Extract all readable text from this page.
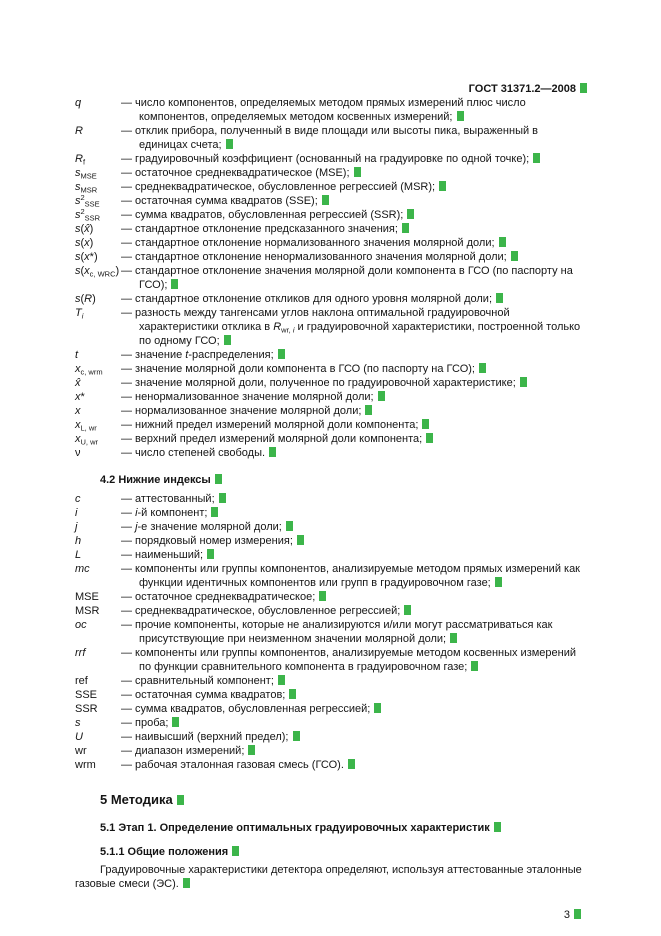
ГОСТ 31371.2—2008
q	— число компонентов, определяемых методом прямых измерений плюс число компонентов, определяемых методом косвенных измерений;
R	— отклик прибора, полученный в виде площади или высоты пика, выраженный в единицах счета;
$R_f$	— градуировочный коэффициент (основанный на градуировке по одной точке);
$s_{MSE}$	— остаточное среднеквадратическое (MSE);
$s_{MSR}$	— среднеквадратическое, обусловленное регрессией (MSR);
$s^2_{SSE}$	— остаточная сумма квадратов (SSE);
$s^2_{SSR}$	— сумма квадратов, обусловленная регрессией (SSR);
s(x̂)	— стандартное отклонение предсказанного значения;
s(x)	— стандартное отклонение нормализованного значения молярной доли;
s(x*)	— стандартное отклонение ненормализованного значения молярной доли;
$s(x_{c, WRC})$ — стандартное отклонение значения молярной доли компонента в ГСО (по паспорту на ГСО);
s(R)	— стандартное отклонение откликов для одного уровня молярной доли;
$T_i$	— разность между тангенсами углов наклона оптимальной градуировочной характеристики отклика в $R_{wr, i}$ и градуировочной характеристики, построенной только по одному ГСО;
t	— значение t-распределения;
$x_{c, wrm}$	— значение молярной доли компонента в ГСО (по паспорту на ГСО);
x̂	— значение молярной доли, полученное по градуировочной характеристике;
x*	— ненормализованное значение молярной доли;
x	— нормализованное значение молярной доли;
$x_{L, wr}$	— нижний предел измерений молярной доли компонента;
$x_{U, wr}$	— верхний предел измерений молярной доли компонента;
ν	— число степеней свободы.
4.2 Нижние индексы
c	— аттестованный;
i	— i-й компонент;
j	— j-е значение молярной доли;
h	— порядковый номер измерения;
L	— наименьший;
mc	— компоненты или группы компонентов, анализируемые методом прямых измерений как функции идентичных компонентов или групп в градуировочном газе;
MSE	— остаточное среднеквадратическое;
MSR	— среднеквадратическое, обусловленное регрессией;
oc	— прочие компоненты, которые не анализируются и/или могут рассматриваться как присутствующие при неизменном значении молярной доли;
rrf	— компоненты или группы компонентов, анализируемые методом косвенных измерений по функции сравнительного компонента в градуировочном газе;
ref	— сравнительный компонент;
SSE	— остаточная сумма квадратов;
SSR	— сумма квадратов, обусловленная регрессией;
s	— проба;
U	— наивысший (верхний предел);
wr	— диапазон измерений;
wrm	— рабочая эталонная газовая смесь (ГСО).
5 Методика
5.1 Этап 1. Определение оптимальных градуировочных характеристик
5.1.1 Общие положения

Градуировочные характеристики детектора определяют, используя аттестованные эталонные газовые смеси (ЭС).

3
